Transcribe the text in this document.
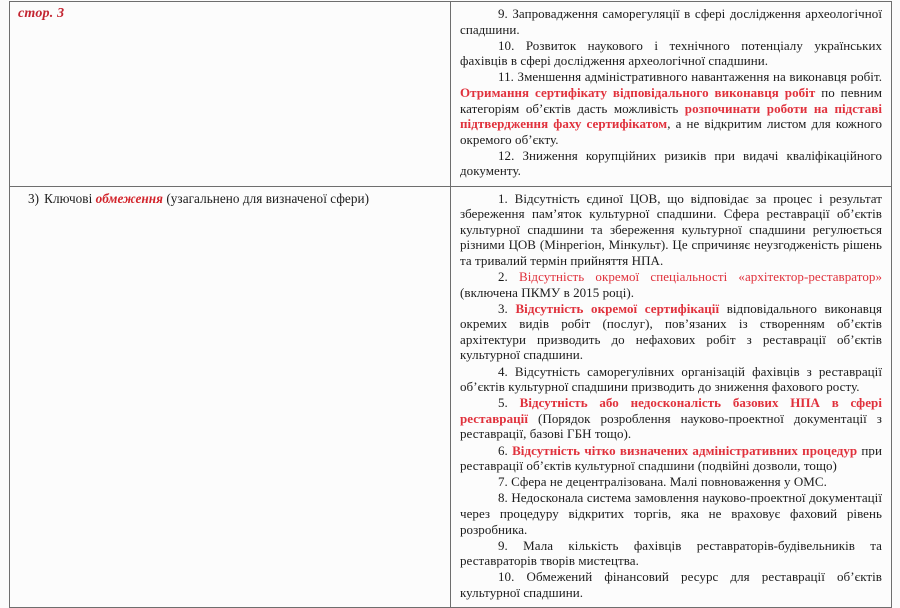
стор. 3	9. Запровадження саморегуляції в сфері дослідження археологічної спадшини.

10. Розвиток наукового і технічного потенціалу українських фахівців в сфері дослідження археологічної спадшини.

11. Зменшення адміністративного навантаження на виконавця робіт. Отримання сертифікату відповідального виконавця робіт по певним категоріям об’єктів дасть можливість розпочинати роботи на підставі підтвердження фаху сертифікатом, а не відкритим листом для кожного окремого об’єкту.

12. Зниження корупційних ризиків при видачі кваліфікаційного документу.

3) Ключові обмеження (узагальнено для визначеної сфери)	1. Відсутність єдиної ЦОВ, що відповідає за процес і результат збереження пам’яток культурної спадшини. Сфера реставрації об’єктів культурної спадшини та збереження культурної спадшини регулюється різними ЦОВ (Мінрегіон, Мінкульт). Це спричиняє неузгодженість рішень та тривалий термін прийняття НПА.

2. Відсутність окремої спеціальності «архітектор-реставратор» (включена ПКМУ в 2015 році).

3. Відсутність окремої сертифікації відповідального виконавця окремих видів робіт (послуг), пов’язаних із створенням об’єктів архітектури призводить до нефахових робіт з реставрації об’єктів культурної спадшини.

4. Відсутність саморегулівних організацій фахівців з реставрації об’єктів культурної спадшини призводить до зниження фахового росту.

5. Відсутність або недосконалість базових НПА в сфері реставрації (Порядок розроблення науково-проектної документації з реставрації, базові ГБН тощо).

6. Відсутність чітко визначених адміністративних процедур при реставрації об’єктів культурної спадшини (подвійні дозволи, тощо)

7. Сфера не децентралізована. Малі повноваження у ОМС.

8. Недосконала система замовлення науково-проектної документації через процедуру відкритих торгів, яка не враховує фаховий рівень розробника.

9. Мала кількість фахівців реставраторів-будівельників та реставраторів творів мистецтва.

10. Обмежений фінансовий ресурс для реставрації об’єктів культурної спадшини.
